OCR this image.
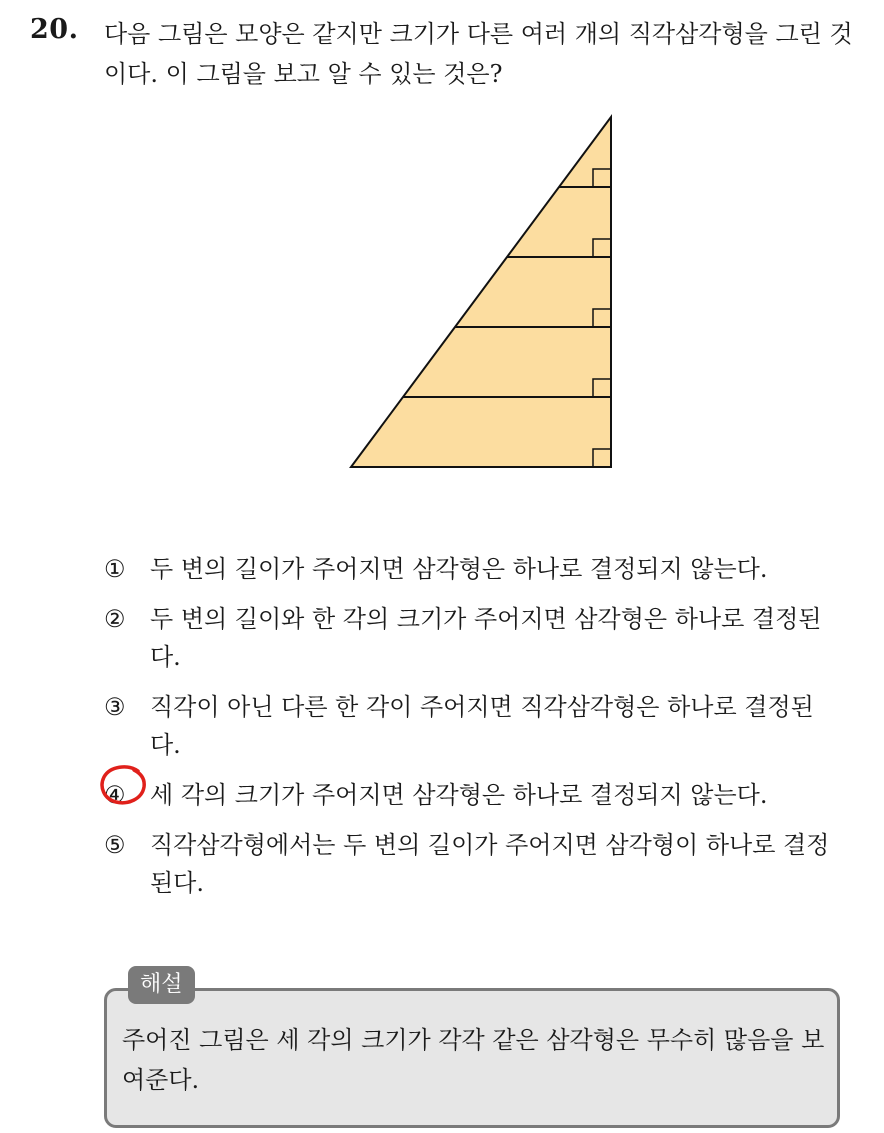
20. 다음 그림은 모양은 같지만 크기가 다른 여러 개의 직각삼각형을 그린 것이다. 이 그림을 보고 알 수 있는 것은?
①	두 변의 길이가 주어지면 삼각형은 하나로 결정되지 않는다.
②	두 변의 길이와 한 각의 크기가 주어지면 삼각형은 하나로 결정된다.
③	직각이 아닌 다른 한 각이 주어지면 직각삼각형은 하나로 결정된다.
④	세 각의 크기가 주어지면 삼각형은 하나로 결정되지 않는다.
⑤	직각삼각형에서는 두 변의 길이가 주어지면 삼각형이 하나로 결정된다.
해설
주어진 그림은 세 각의 크기가 각각 같은 삼각형은 무수히 많음을 보여준다.
